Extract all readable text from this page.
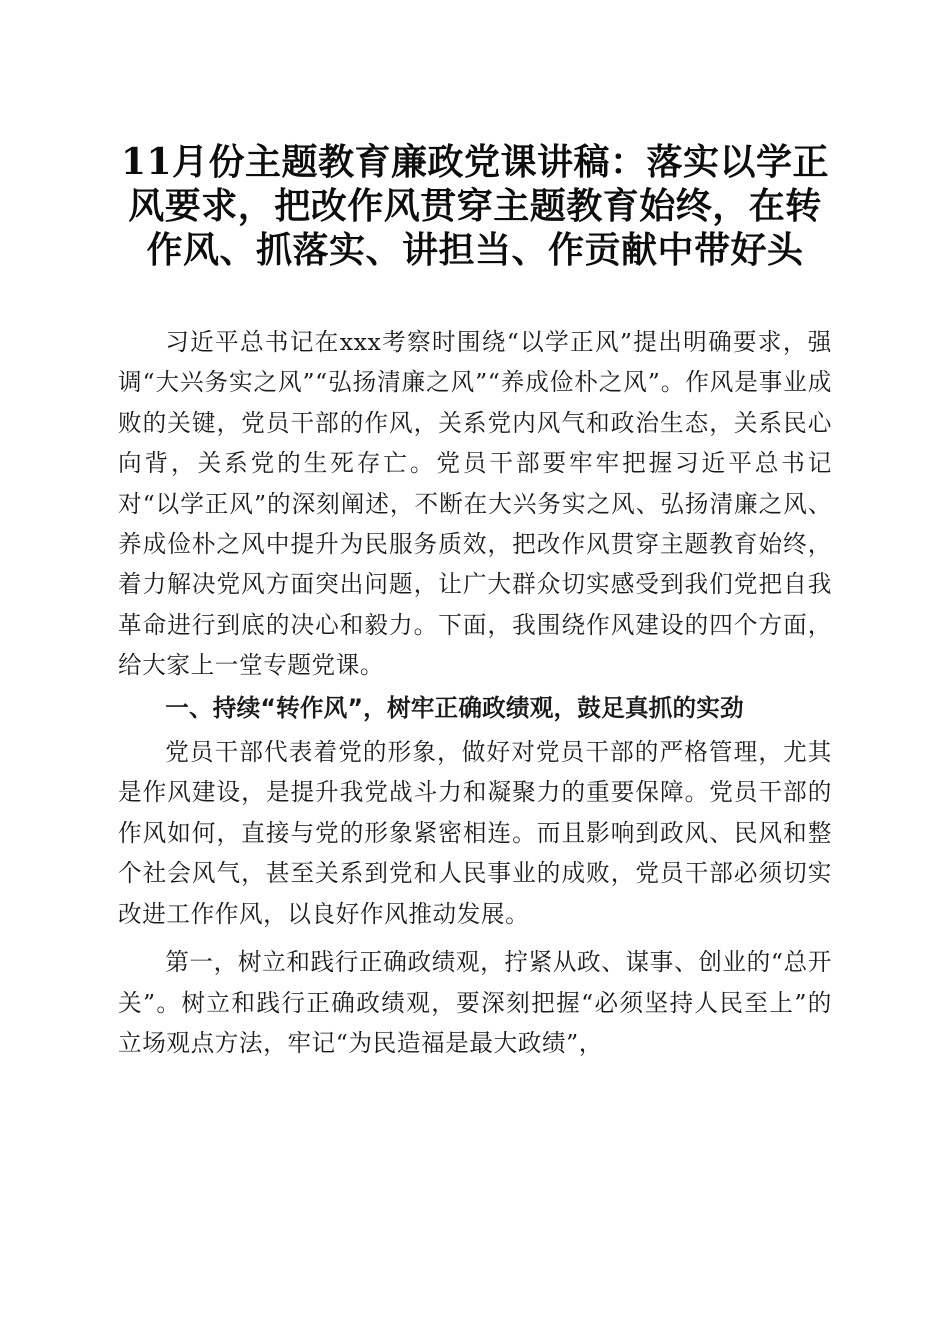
11月份主题教育廉政党课讲稿：落实以学正风要求，把改作风贯穿主题教育始终，在转作风、抓落实、讲担当、作贡献中带好头

习近平总书记在xxx考察时围绕“以学正风”提出明确要求，强调“大兴务实之风”“弘扬清廉之风”“养成俭朴之风”。作风是事业成败的关键，党员干部的作风，关系党内风气和政治生态，关系民心向背，关系党的生死存亡。党员干部要牢牢把握习近平总书记对“以学正风”的深刻阐述，不断在大兴务实之风、弘扬清廉之风、养成俭朴之风中提升为民服务质效，把改作风贯穿主题教育始终，着力解决党风方面突出问题，让广大群众切实感受到我们党把自我革命进行到底的决心和毅力。下面，我围绕作风建设的四个方面，给大家上一堂专题党课。

一、持续“转作风”，树牢正确政绩观，鼓足真抓的实劲

党员干部代表着党的形象，做好对党员干部的严格管理，尤其是作风建设，是提升我党战斗力和凝聚力的重要保障。党员干部的作风如何，直接与党的形象紧密相连。而且影响到政风、民风和整个社会风气，甚至关系到党和人民事业的成败，党员干部必须切实改进工作作风，以良好作风推动发展。

第一，树立和践行正确政绩观，拧紧从政、谋事、创业的“总开关”。树立和践行正确政绩观，要深刻把握“必须坚持人民至上”的立场观点方法，牢记“为民造福是最大政绩”，
